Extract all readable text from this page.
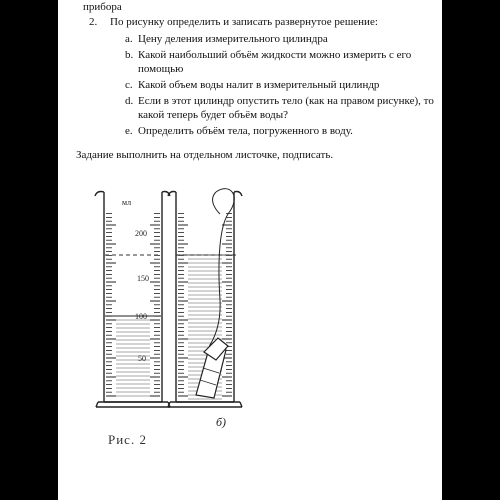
прибора
2. По рисунку определить и записать развернутое решение:
a. Цену деления измерительного цилиндра
b. Какой наибольший объём жидкости можно измерить с его
помощью
c. Какой объем воды налит в измерительный цилиндр
d. Если в этот цилиндр опустить тело (как на правом рисунке), то
какой теперь будет объём воды?
e. Определить объём тела, погруженного в воду.
Задание выполнить на отдельном листочке, подписать.
мл
200
150
100
50
б)
Рис. 2
